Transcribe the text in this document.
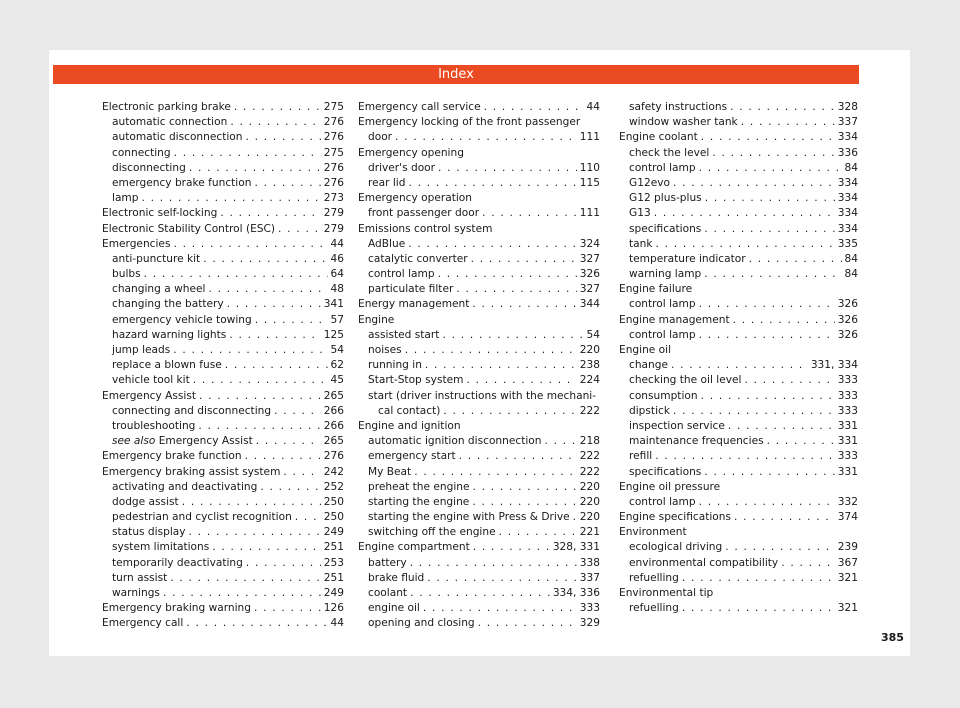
Index
Electronic parking brake . . .	275
automatic connection . . .	276
automatic disconnection . . .	276
connecting . . .	275
disconnecting . . .	276
emergency brake function . . .	276
lamp . . .	273
Electronic self-locking . . .	279
Electronic Stability Control (ESC) . . .	279
Emergencies . . .	44
anti-puncture kit . . .	46
bulbs . . .	64
changing a wheel . . .	48
changing the battery . . .	341
emergency vehicle towing . . .	57
hazard warning lights . . .	125
jump leads . . .	54
replace a blown fuse . . .	62
vehicle tool kit . . .	45
Emergency Assist . . .	265
connecting and disconnecting . . .	266
troubleshooting . . .	266
see also Emergency Assist . . .	265
Emergency brake function . . .	276
Emergency braking assist system . . .	242
activating and deactivating . . .	252
dodge assist . . .	250
pedestrian and cyclist recognition . . .	250
status display . . .	249
system limitations . . .	251
temporarily deactivating . . .	253
turn assist . . .	251
warnings . . .	249
Emergency braking warning . . .	126
Emergency call . . .	44
Emergency call service . . .	44
Emergency locking of the front passenger
door . . .	111
Emergency opening
driver's door . . .	110
rear lid . . .	115
Emergency operation
front passenger door . . .	111
Emissions control system
AdBlue . . .	324
catalytic converter . . .	327
control lamp . . .	326
particulate filter . . .	327
Energy management . . .	344
Engine
assisted start . . .	54
noises . . .	220
running in . . .	238
Start-Stop system . . .	224
start (driver instructions with the mechani-
cal contact) . . .	222
Engine and ignition
automatic ignition disconnection . . .	218
emergency start . . .	222
My Beat . . .	222
preheat the engine . . .	220
starting the engine . . .	220
starting the engine with Press & Drive . . . 220
switching off the engine . . .	221
Engine compartment . . .	328, 331
battery . . .	338
brake fluid . . .	337
coolant . . .	334, 336
engine oil . . .	333
opening and closing . . .	329
safety instructions . . .	328
window washer tank . . .	337
Engine coolant . . .	334
check the level . . .	336
control lamp . . .	84
G12evo . . .	334
G12 plus-plus . . .	334
G13 . . .	334
specifications . . .	334
tank . . .	335
temperature indicator . . .	84
warning lamp . . .	84
Engine failure
control lamp . . .	326
Engine management . . .	326
control lamp . . .	326
Engine oil
change . . .	331, 334
checking the oil level . . .	333
consumption . . .	333
dipstick . . .	333
inspection service . . .	331
maintenance frequencies . . .	331
refill . . .	333
specifications . . .	331
Engine oil pressure
control lamp . . .	332
Engine specifications . . .	374
Environment
ecological driving . . .	239
environmental compatibility . . .	367
refuelling . . .	321
Environmental tip
refuelling . . .	321
385
